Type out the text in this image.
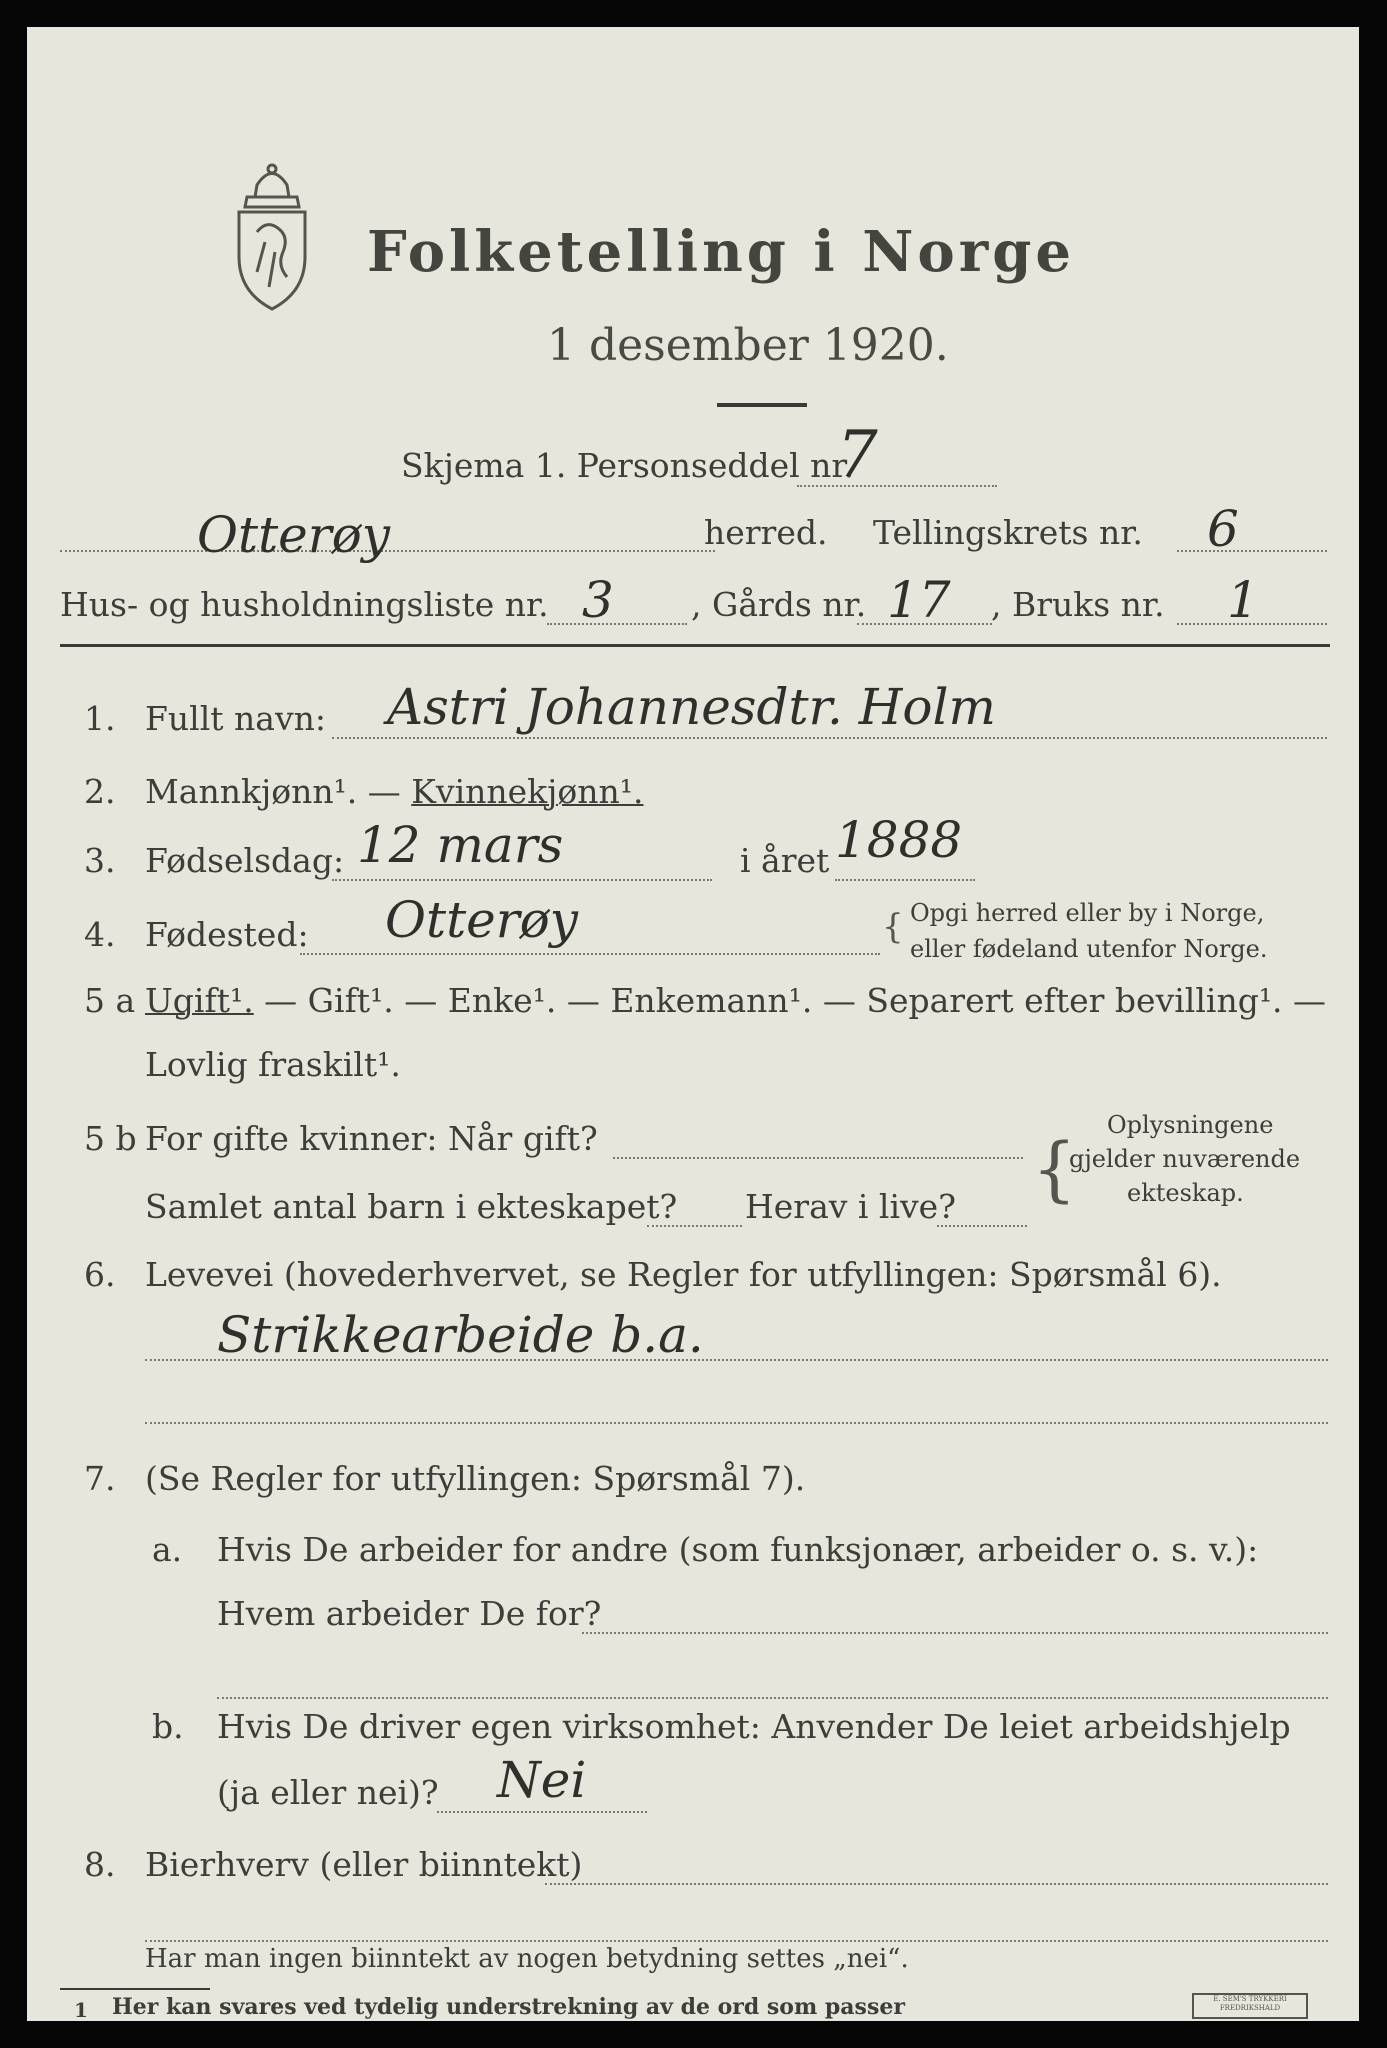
Folketelling i Norge
1 desember 1920.
Skjema 1. Personseddel nr.
7
Otterøy	herred. Tellingskrets nr. 6
Hus- og husholdningsliste nr. 3 , Gårds nr. 17 , Bruks nr. 1
1. Fullt navn: Astri Johannesdtr. Holm
2. Mannkjønn¹. — Kvinnekjønn¹.
3. Fødselsdag: 12 mars	i året 1888
4. Fødested: Otterøy	{ Opgi herred eller by i Norge,
eller fødeland utenfor Norge.
5 a Ugift¹. — Gift¹. — Enke¹. — Enkemann¹. — Separert efter bevilling¹. —
Lovlig fraskilt¹.
5 b For gifte kvinner: Når gift?
Samlet antal barn i ekteskapet? Herav i live? {
Oplysningene
gjelder nuværende
ekteskap.
6. Levevei (hovederhvervet, se Regler for utfyllingen: Spørsmål 6).
Strikkearbeide b.a.
7. (Se Regler for utfyllingen: Spørsmål 7).
a. Hvis De arbeider for andre (som funksjonær, arbeider o. s. v.):
Hvem arbeider De for?
b. Hvis De driver egen virksomhet: Anvender De leiet arbeidshjelp
(ja eller nei)? Nei
8. Bierhverv (eller biinntekt)
Har man ingen biinntekt av nogen betydning settes „nei“.
1 Her kan svares ved tydelig understrekning av de ord som passer	E. SEM'S TRYKKERI
FREDRIKSHALD
